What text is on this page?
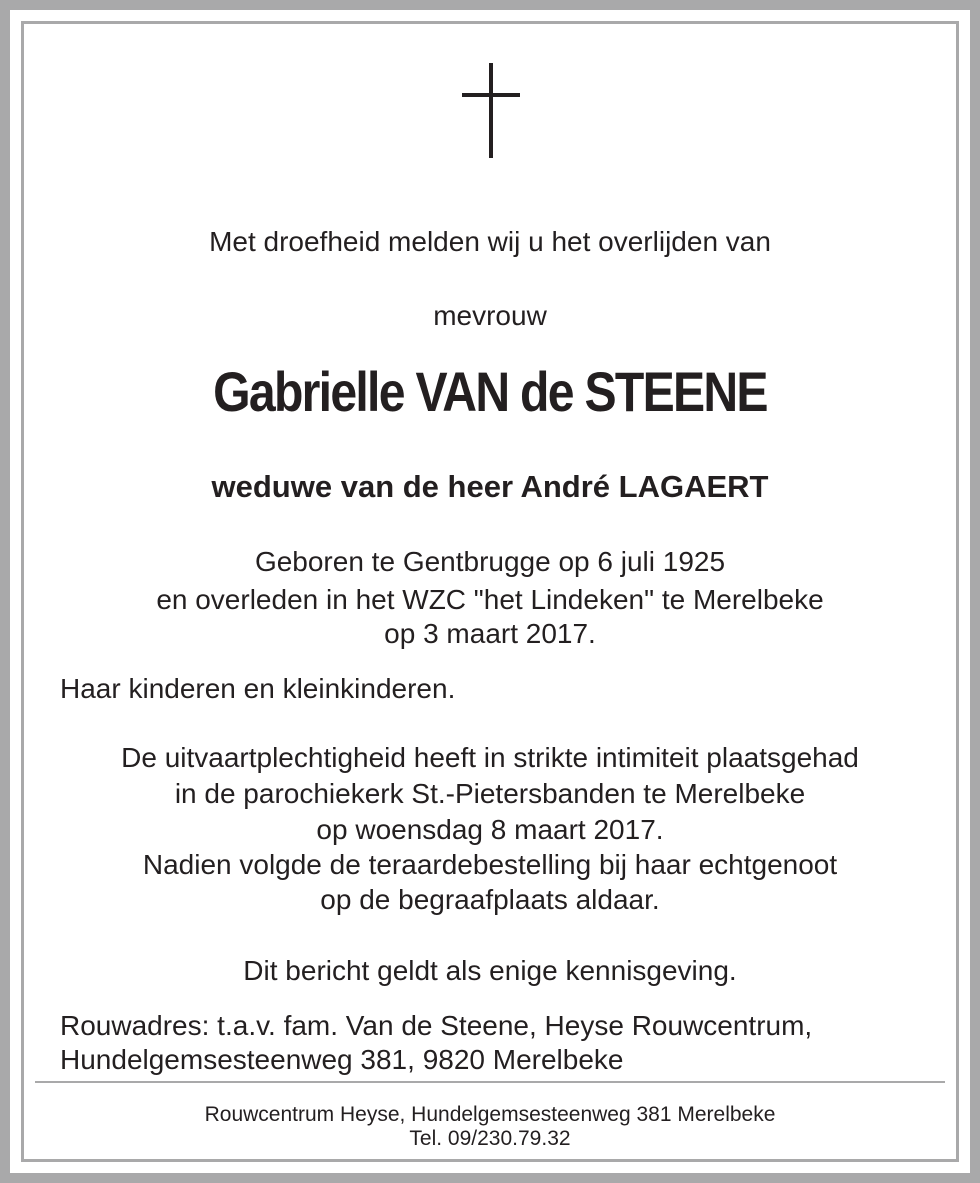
Met droefheid melden wij u het overlijden van

mevrouw

Gabrielle VAN de STEENE

weduwe van de heer André LAGAERT

Geboren te Gentbrugge op 6 juli 1925

en overleden in het WZC "het Lindeken" te Merelbeke

op 3 maart 2017.

Haar kinderen en kleinkinderen.

De uitvaartplechtigheid heeft in strikte intimiteit plaatsgehad

in de parochiekerk St.-Pietersbanden te Merelbeke

op woensdag 8 maart 2017.

Nadien volgde de teraardebestelling bij haar echtgenoot

op de begraafplaats aldaar.

Dit bericht geldt als enige kennisgeving.

Rouwadres: t.a.v. fam. Van de Steene, Heyse Rouwcentrum,

Hundelgemsesteenweg 381, 9820 Merelbeke

Rouwcentrum Heyse, Hundelgemsesteenweg 381 Merelbeke

Tel. 09/230.79.32
